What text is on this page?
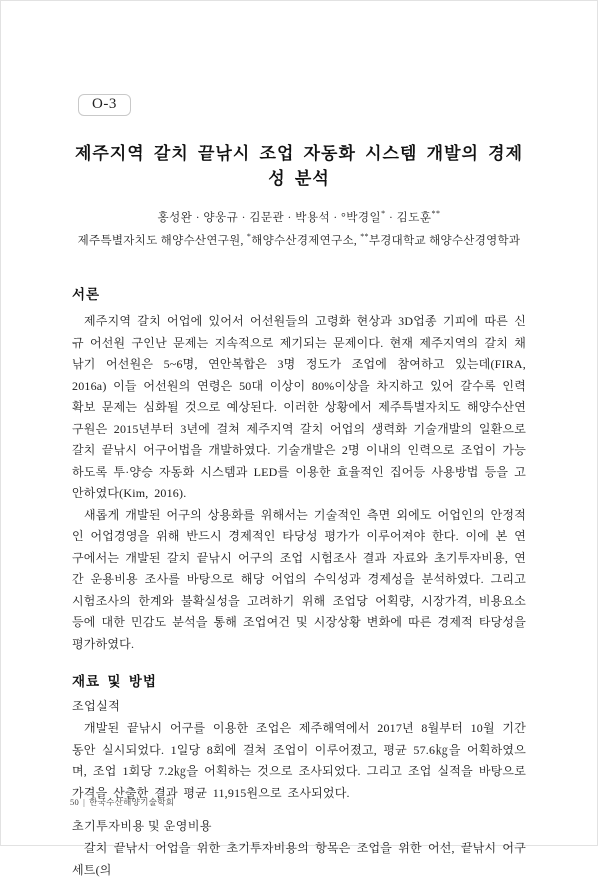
O-3
제주지역 갈치 끝낚시 조업 자동화 시스템 개발의 경제성 분석
홍성완 · 양웅규 · 김문관 · 박용석 · °박경일* · 김도훈**
제주특별자치도 해양수산연구원, *해양수산경제연구소, **부경대학교 해양수산경영학과
서론

제주지역 갈치 어업에 있어서 어선원들의 고령화 현상과 3D업종 기피에 따른 신규 어선원 구인난 문제는 지속적으로 제기되는 문제이다. 현재 제주지역의 갈치 채낚기 어선원은 5~6명, 연안복합은 3명 정도가 조업에 참여하고 있는데(FIRA, 2016a) 이들 어선원의 연령은 50대 이상이 80%이상을 차지하고 있어 갈수록 인력 확보 문제는 심화될 것으로 예상된다. 이러한 상황에서 제주특별자치도 해양수산연구원은 2015년부터 3년에 걸쳐 제주지역 갈치 어업의 생력화 기술개발의 일환으로 갈치 끝낚시 어구어법을 개발하였다. 기술개발은 2명 이내의 인력으로 조업이 가능하도록 투·양승 자동화 시스템과 LED를 이용한 효율적인 집어등 사용방법 등을 고안하였다(Kim, 2016).

새롭게 개발된 어구의 상용화를 위해서는 기술적인 측면 외에도 어업인의 안정적인 어업경영을 위해 반드시 경제적인 타당성 평가가 이루어져야 한다. 이에 본 연구에서는 개발된 갈치 끝낚시 어구의 조업 시험조사 결과 자료와 초기투자비용, 연간 운용비용 조사를 바탕으로 해당 어업의 수익성과 경제성을 분석하였다. 그리고 시험조사의 한계와 불확실성을 고려하기 위해 조업당 어획량, 시장가격, 비용요소 등에 대한 민감도 분석을 통해 조업여건 및 시장상황 변화에 따른 경제적 타당성을 평가하였다.

재료 및 방법
조업실적

개발된 끝낚시 어구를 이용한 조업은 제주해역에서 2017년 8월부터 10월 기간 동안 실시되었다. 1일당 8회에 걸쳐 조업이 이루어졌고, 평균 57.6㎏을 어획하였으며, 조업 1회당 7.2㎏을 어획하는 것으로 조사되었다. 그리고 조업 실적을 바탕으로 가격을 산출한 결과 평균 11,915원으로 조사되었다.

초기투자비용 및 운영비용

갈치 끝낚시 어업을 위한 초기투자비용의 항목은 조업을 위한 어선, 끝낚시 어구세트(의

50 | 한국수산해양기술학회
